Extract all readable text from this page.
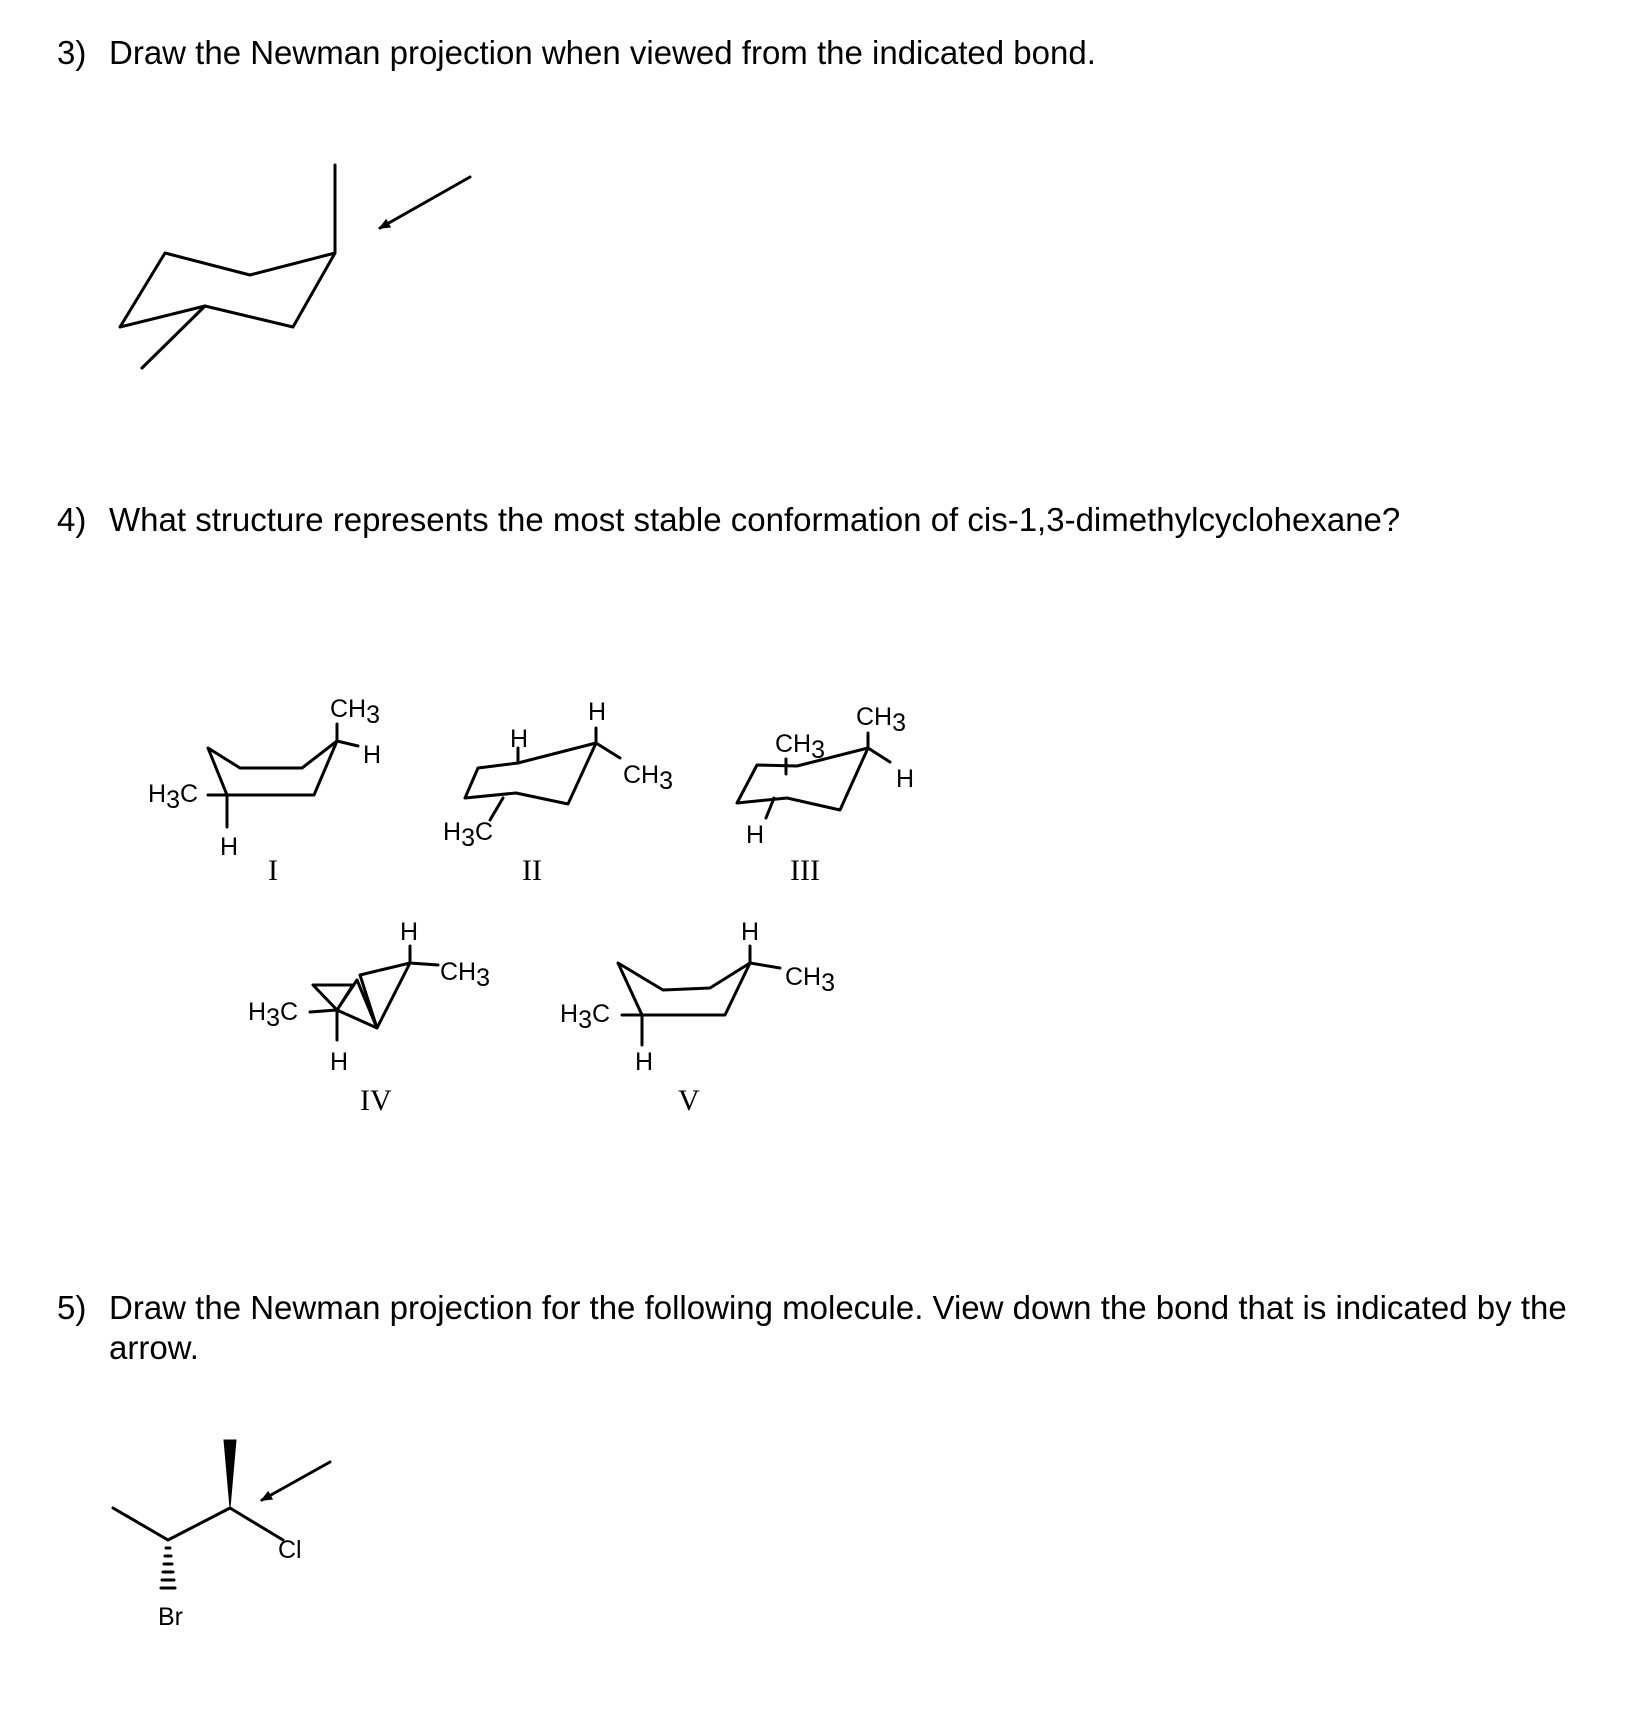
3) Draw the Newman projection when viewed from the indicated bond.
4) What structure represents the most stable conformation of cis-1,3-dimethylcyclohexane?
5) Draw the Newman projection for the following molecule. View down the bond that is indicated by the arrow.
H3C
H
CH3
H
I
H
H3C
H
CH3
II
H
CH3
CH3
H
III
H
CH3
H3C
H
IV
H3C
H
H
CH3
V
Br
Cl
